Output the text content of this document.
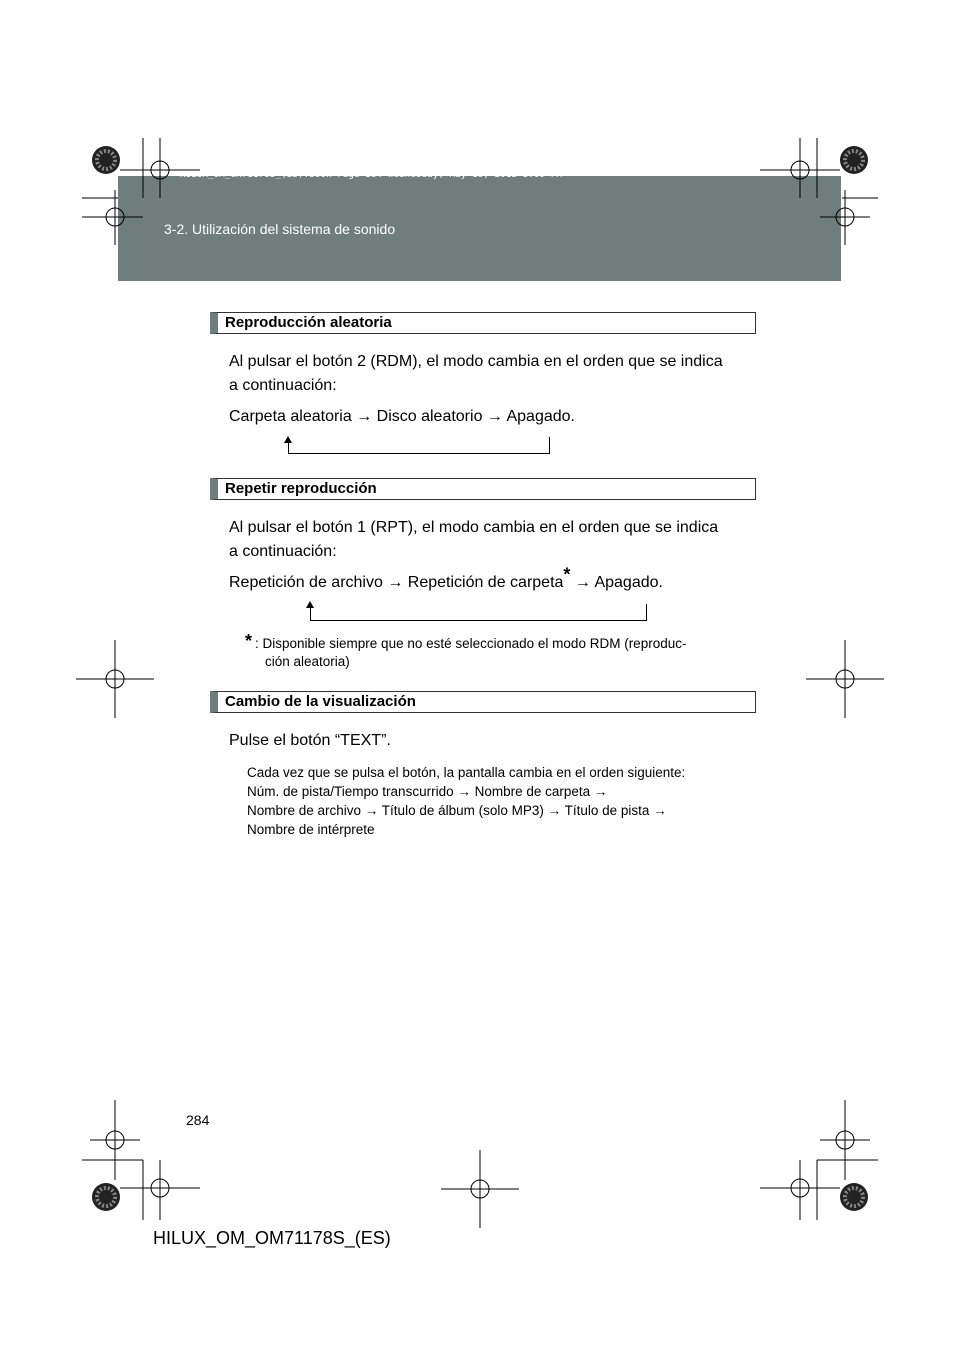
HILUX_OM_OM71178S_(ES).book Page 284 Wednesday, May 16, 2012 3:09 PM
3-2. Utilización del sistema de sonido
Reproducción aleatoria
Al pulsar el botón 2 (RDM), el modo cambia en el orden que se indica
a continuación:
Carpeta aleatoria → Disco aleatorio → Apagado.
Repetir reproducción
Al pulsar el botón 1 (RPT), el modo cambia en el orden que se indica
a continuación:
Repetición de archivo → Repetición de carpeta* → Apagado.
* : Disponible siempre que no esté seleccionado el modo RDM (reproduc-
ción aleatoria)
Cambio de la visualización
Pulse el botón “TEXT”.
Cada vez que se pulsa el botón, la pantalla cambia en el orden siguiente:
Núm. de pista/Tiempo transcurrido → Nombre de carpeta →
Nombre de archivo → Título de álbum (solo MP3) → Título de pista →
Nombre de intérprete
284
HILUX_OM_OM71178S_(ES)
